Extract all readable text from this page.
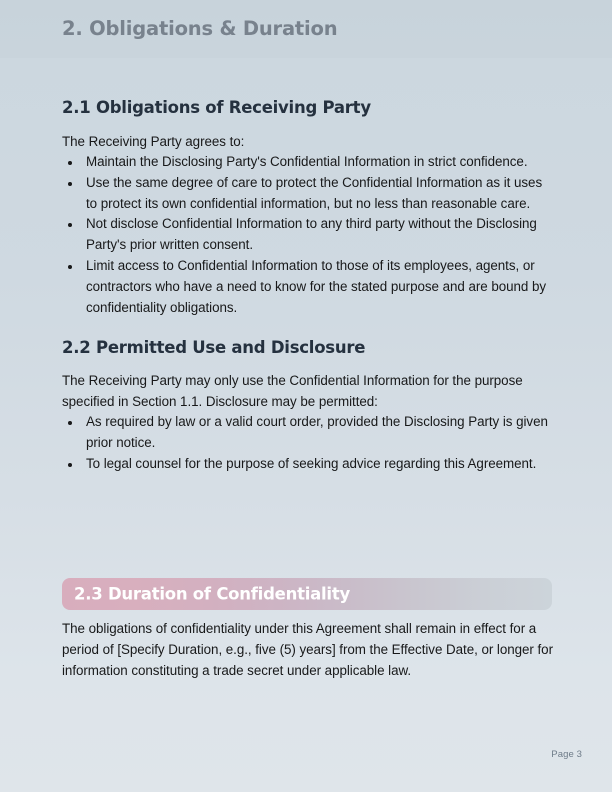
2. Obligations & Duration
2.1 Obligations of Receiving Party

The Receiving Party agrees to:

Maintain the Disclosing Party's Confidential Information in strict confidence.
Use the same degree of care to protect the Confidential Information as it uses to protect its own confidential information, but no less than reasonable care.
Not disclose Confidential Information to any third party without the Disclosing Party's prior written consent.
Limit access to Confidential Information to those of its employees, agents, or contractors who have a need to know for the stated purpose and are bound by confidentiality obligations.
2.2 Permitted Use and Disclosure

The Receiving Party may only use the Confidential Information for the purpose specified in Section 1.1. Disclosure may be permitted:

As required by law or a valid court order, provided the Disclosing Party is given prior notice.
To legal counsel for the purpose of seeking advice regarding this Agreement.
2.3 Duration of Confidentiality

The obligations of confidentiality under this Agreement shall remain in effect for a period of [Specify Duration, e.g., five (5) years] from the Effective Date, or longer for information constituting a trade secret under applicable law.

Page 3
